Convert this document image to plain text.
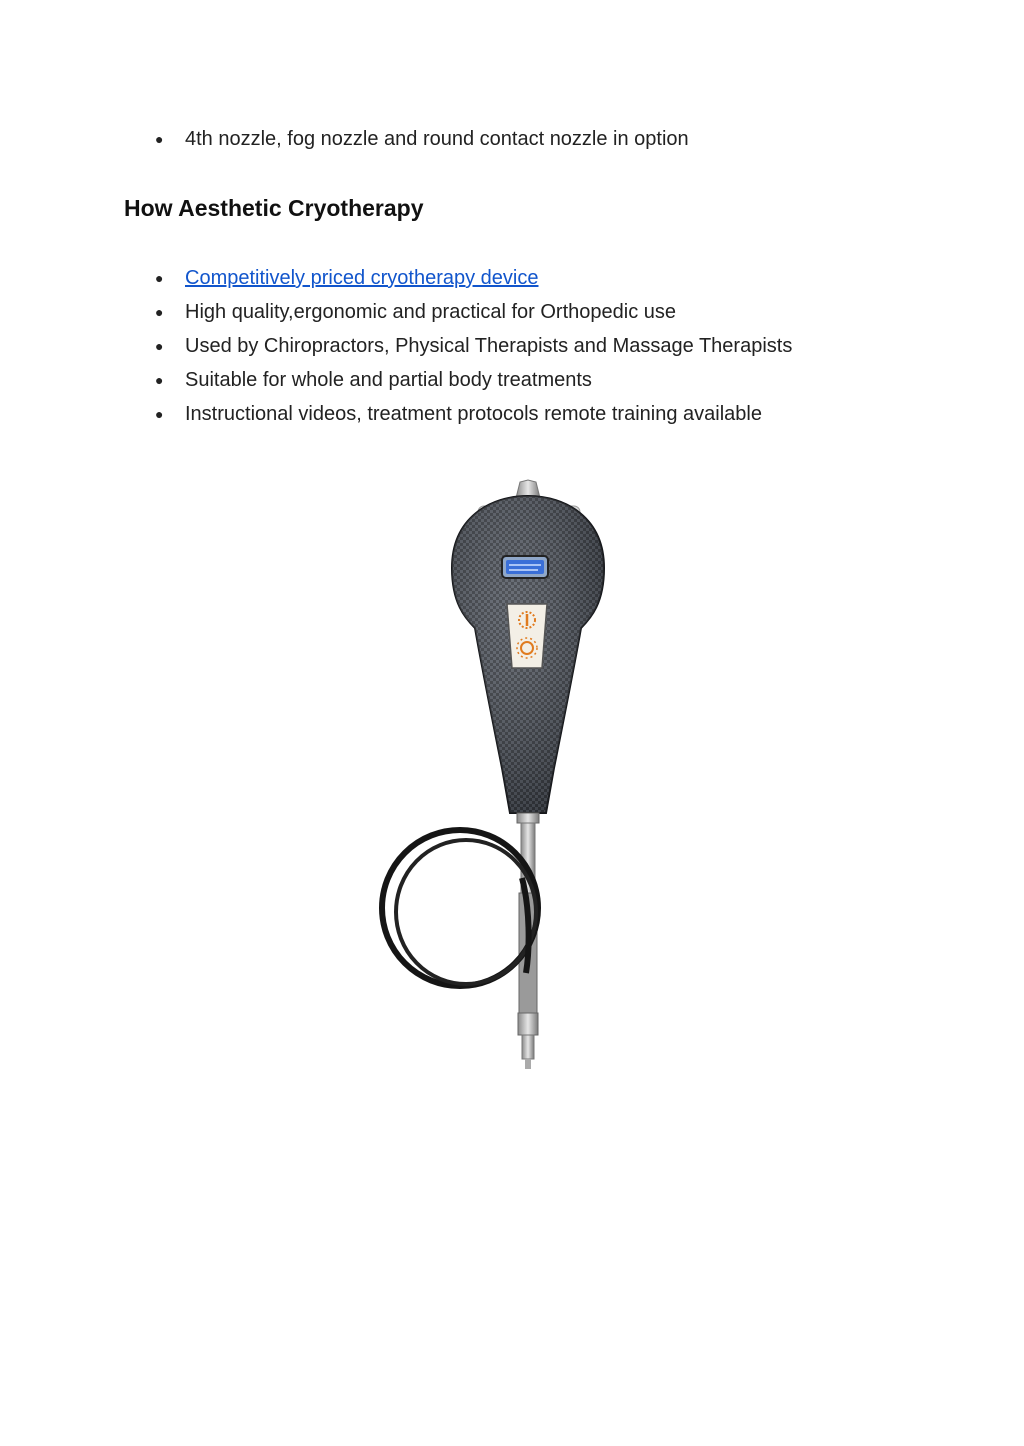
● 4th nozzle, fog nozzle and round contact nozzle in option
How Aesthetic Cryotherapy
● Competitively priced cryotherapy device
● High quality,ergonomic and practical for Orthopedic use
● Used by Chiropractors, Physical Therapists and Massage Therapists
● Suitable for whole and partial body treatments
● Instructional videos, treatment protocols remote training available
